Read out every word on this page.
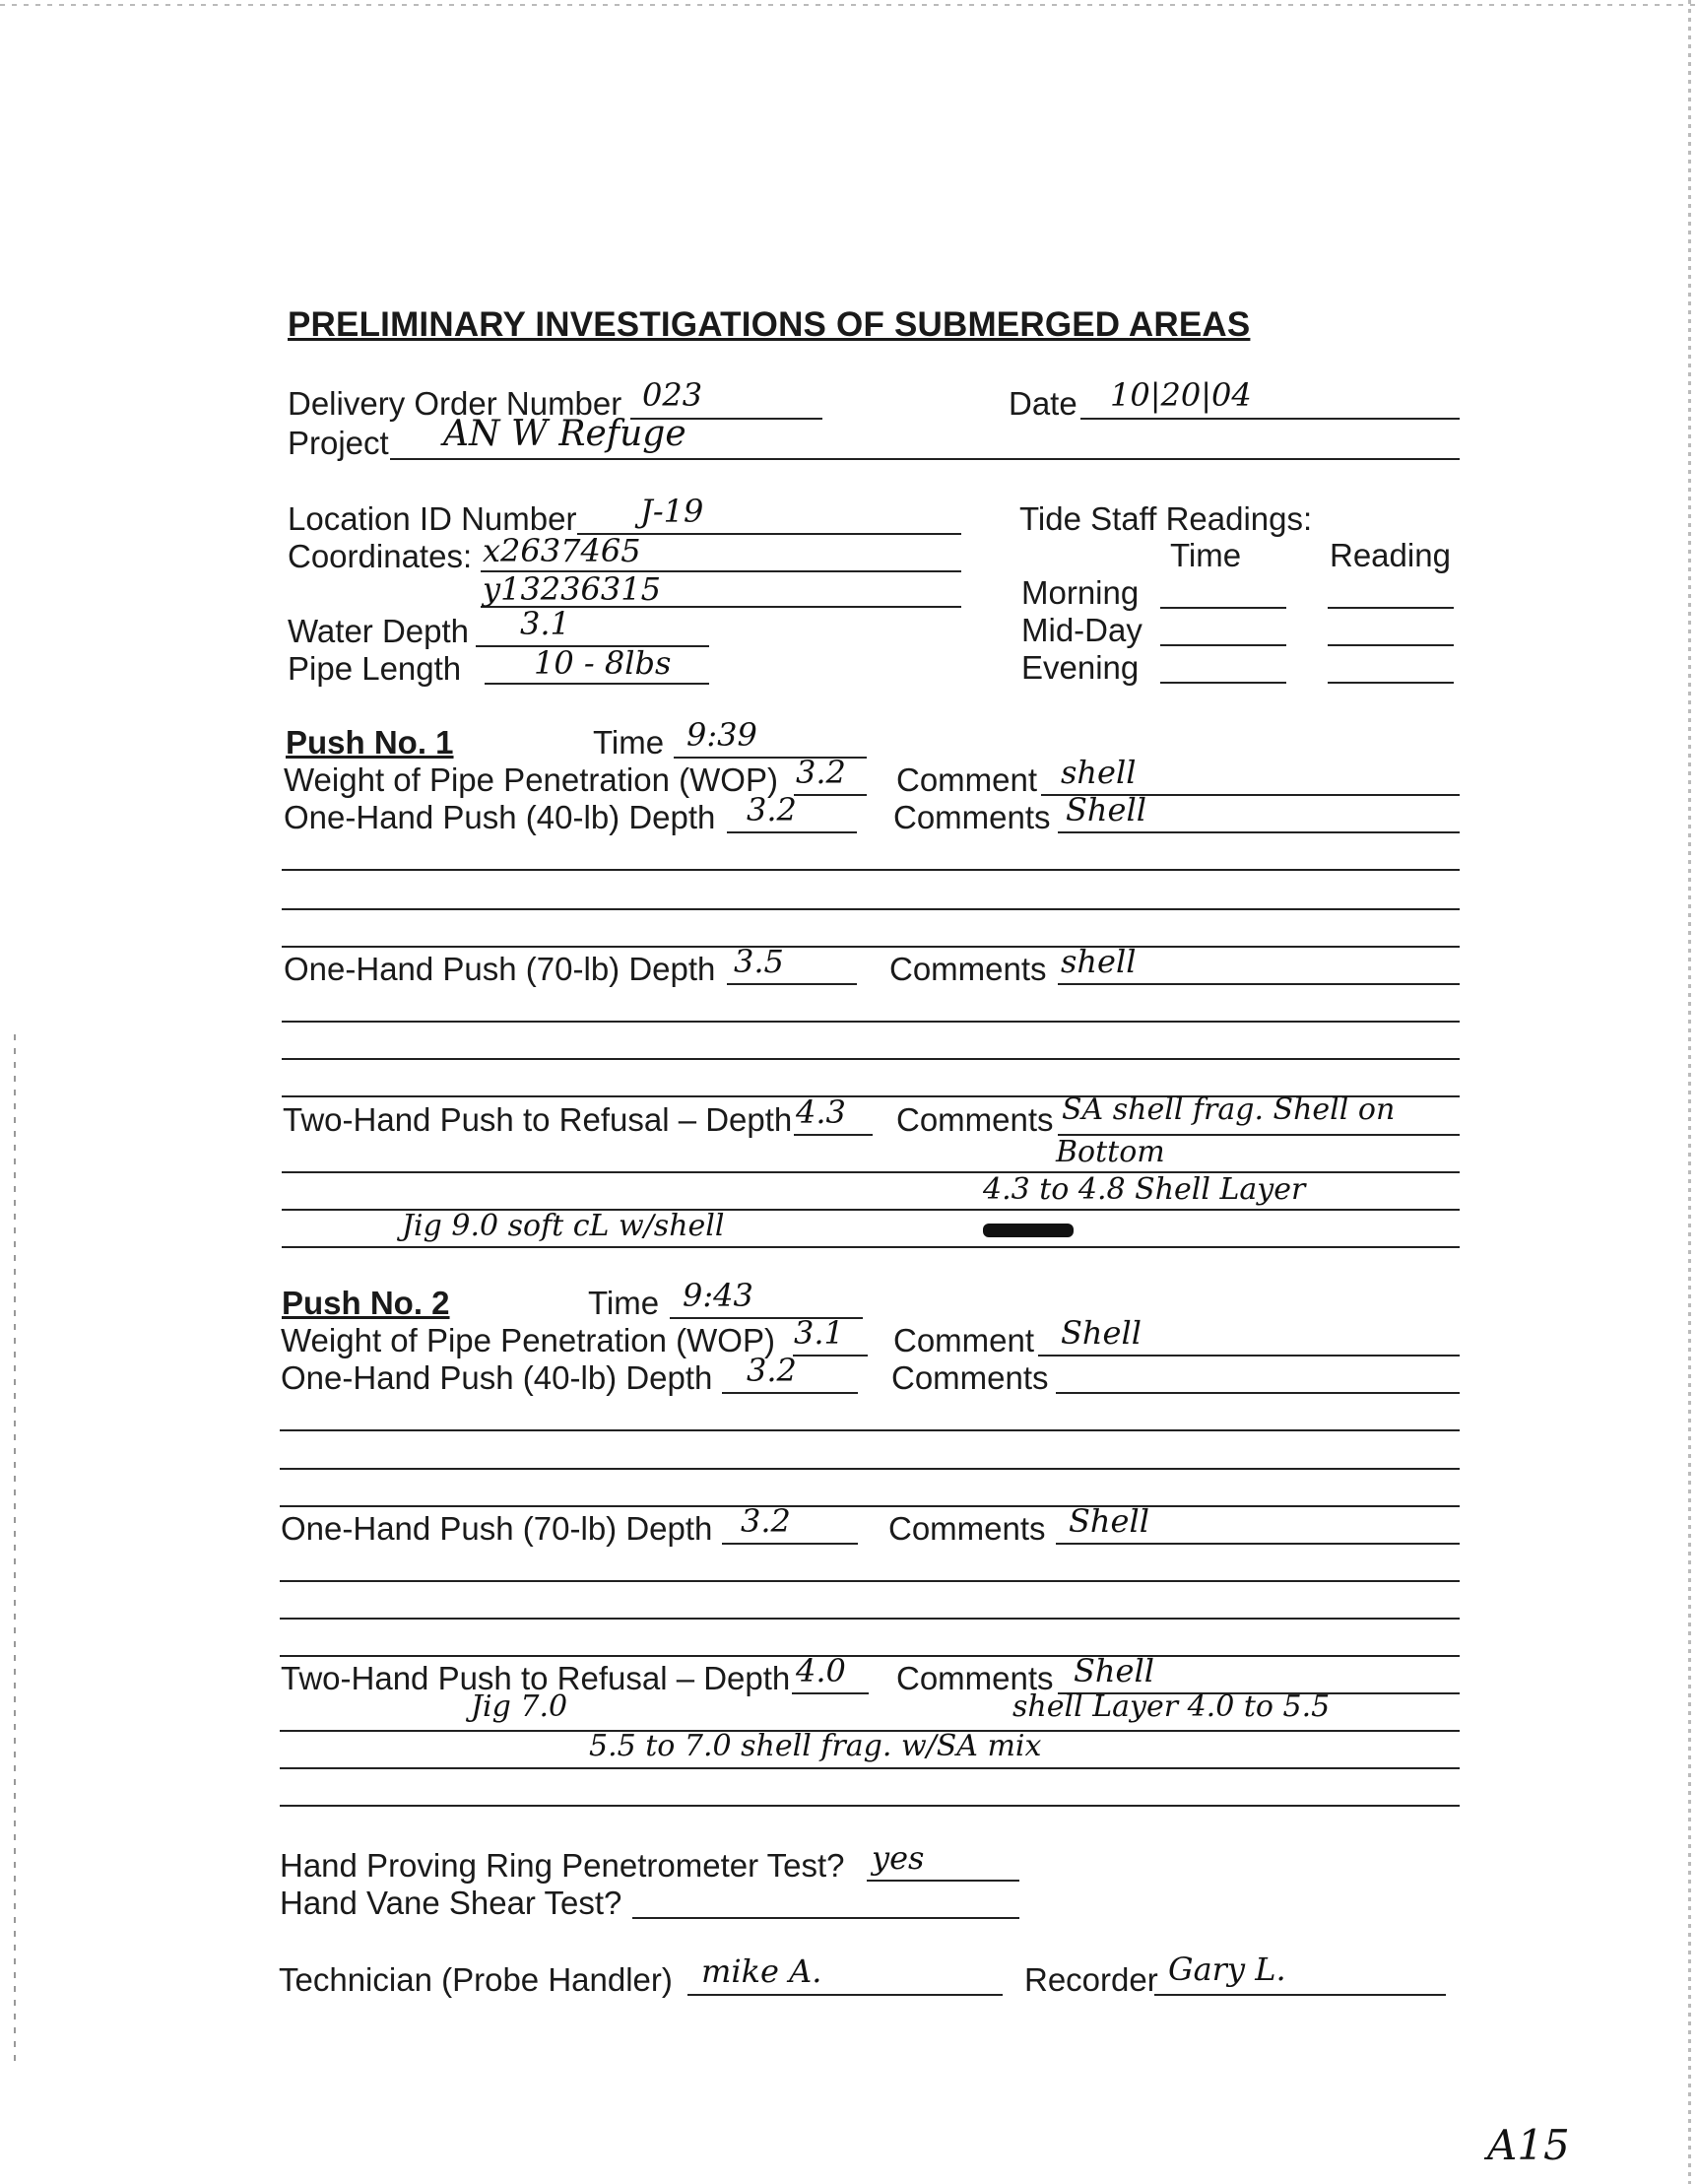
PRELIMINARY INVESTIGATIONS OF SUBMERGED AREAS
Delivery Order Number 023	Date 10|20|04
Project AN W Refuge
Location ID Number J-19
Coordinates: x2637465
y13236315
Water Depth 3.1
Pipe Length 10 - 8lbs
Tide Staff Readings:
Time	Reading
Morning
Mid-Day
Evening
Push No. 1	Time 9:39
Weight of Pipe Penetration (WOP) 3.2 Comment shell
One-Hand Push (40-lb) Depth 3.2	Comments Shell
One-Hand Push (70-lb) Depth 3.5	Comments shell
Two-Hand Push to Refusal – Depth 4.3 Comments SA shell frag. Shell on
Bottom
4.3 to 4.8 Shell Layer
Jig 9.0 soft cL w/shell
Push No. 2	Time 9:43
Weight of Pipe Penetration (WOP) 3.1 Comment Shell
One-Hand Push (40-lb) Depth 3.2	Comments
One-Hand Push (70-lb) Depth 3.2	Comments Shell
Two-Hand Push to Refusal – Depth 4.0 Comments Shell
Jig 7.0	shell Layer 4.0 to 5.5
5.5 to 7.0 shell frag. w/SA mix
Hand Proving Ring Penetrometer Test? yes
Hand Vane Shear Test?
Technician (Probe Handler) mike A.	Recorder Gary L.
A15
